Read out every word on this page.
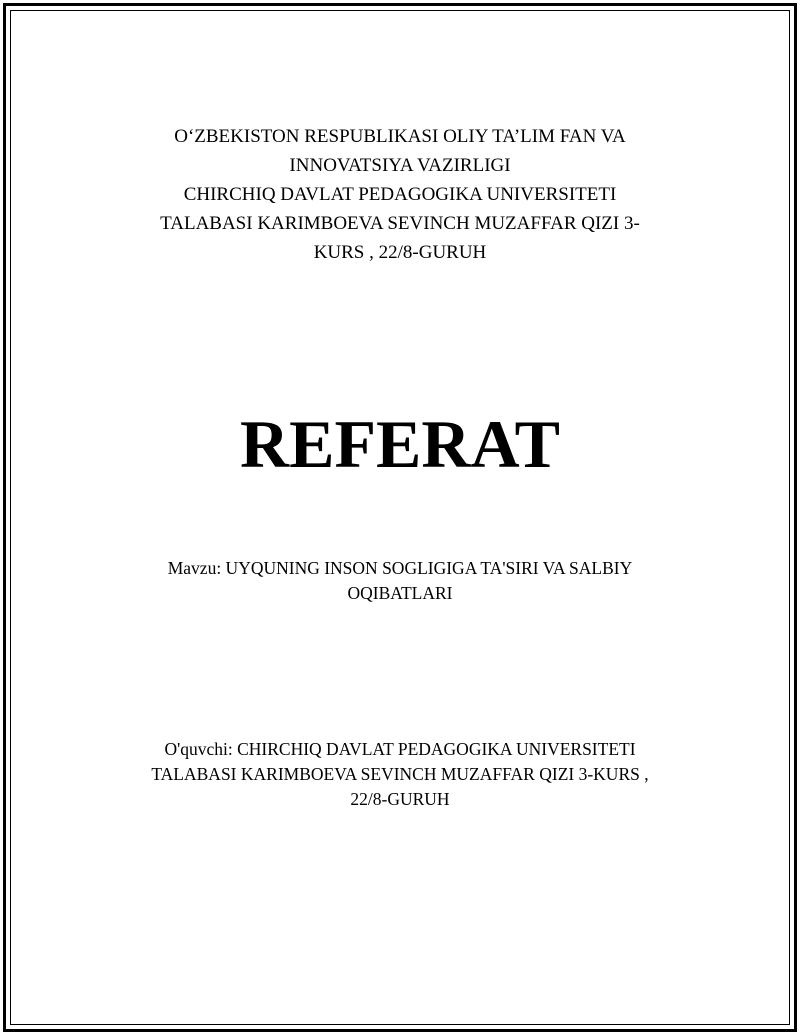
O‘ZBEKISTON RESPUBLIKASI OLIY TA’LIM FAN VA
INNOVATSIYA VAZIRLIGI
CHIRCHIQ DAVLAT PEDAGOGIKA UNIVERSITETI
TALABASI KARIMBOEVA SEVINCH MUZAFFAR QIZI 3-
KURS , 22/8-GURUH
REFERAT
Mavzu: UYQUNING INSON SOGLIGIGA TA'SIRI VA SALBIY
OQIBATLARI
O'quvchi: CHIRCHIQ DAVLAT PEDAGOGIKA UNIVERSITETI
TALABASI KARIMBOEVA SEVINCH MUZAFFAR QIZI 3-KURS ,
22/8-GURUH
